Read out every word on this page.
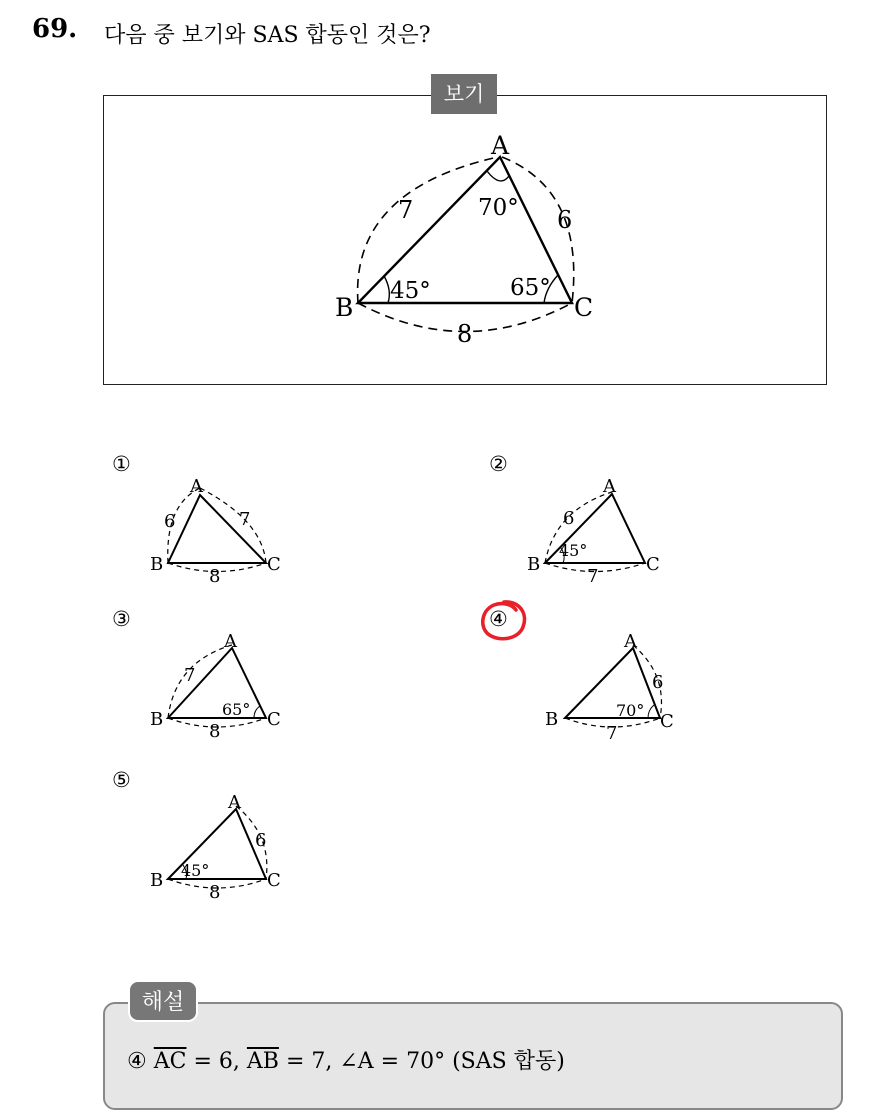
69. 다음 중 보기와 SAS 합동인 것은?
보기
A
B	C
7	6
8
70°
45°	65°
①	②
③	④
⑤
A
B	C
6	7
8
A
B	C
6
45°
7
A
B	C
7
65°
8
A
B	C
6
70°
7
A
B	C
6
45°
8
④ $\overline{AC} = 6$, $\overline{AB} = 7$, ∠A = 70° (SAS 합동)
해설
